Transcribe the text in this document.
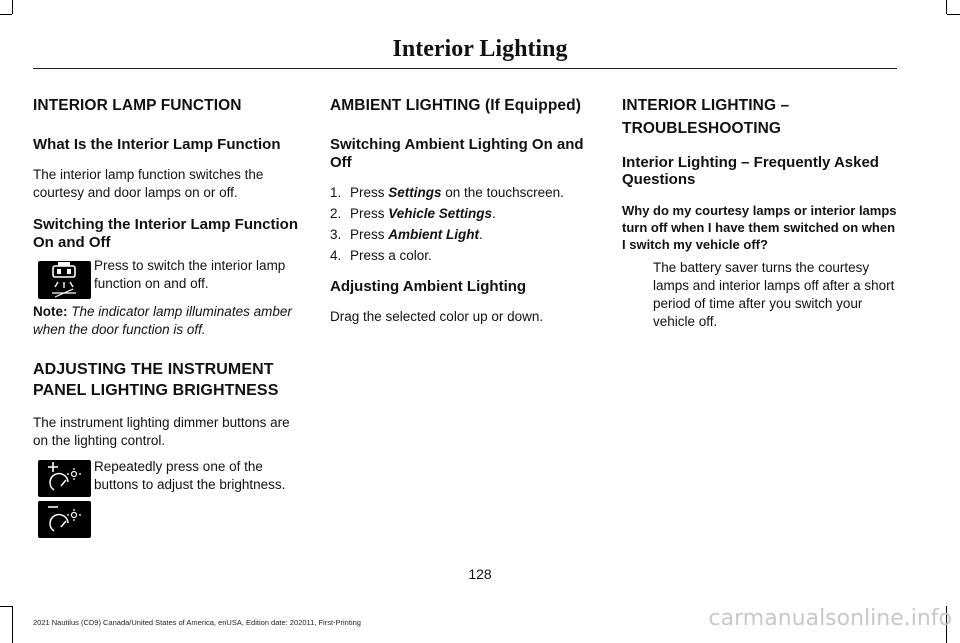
Interior Lighting

INTERIOR LAMP FUNCTION

What Is the Interior Lamp Function

The interior lamp function switches the courtesy and door lamps on or off.

Switching the Interior Lamp Function On and Off

Press to switch the interior lamp function on and off.

Note: The indicator lamp illuminates amber when the door function is off.

ADJUSTING THE INSTRUMENT

PANEL LIGHTING BRIGHTNESS

The instrument lighting dimmer buttons are on the lighting control.

Repeatedly press one of the buttons to adjust the brightness.

AMBIENT LIGHTING (If Equipped)

Switching Ambient Lighting On and Off

1. Press Settings on the touchscreen.
2. Press Vehicle Settings.
3. Press Ambient Light.
4. Press a color.

Adjusting Ambient Lighting

Drag the selected color up or down.

INTERIOR LIGHTING –

TROUBLESHOOTING

Interior Lighting – Frequently Asked Questions

Why do my courtesy lamps or interior lamps turn off when I have them switched on when I switch my vehicle off?

The battery saver turns the courtesy lamps and interior lamps off after a short period of time after you switch your vehicle off.

128
2021 Nautilus (CD9) Canada/United States of America, enUSA, Edition date: 202011, First-Printing	carmanualsonline.info
